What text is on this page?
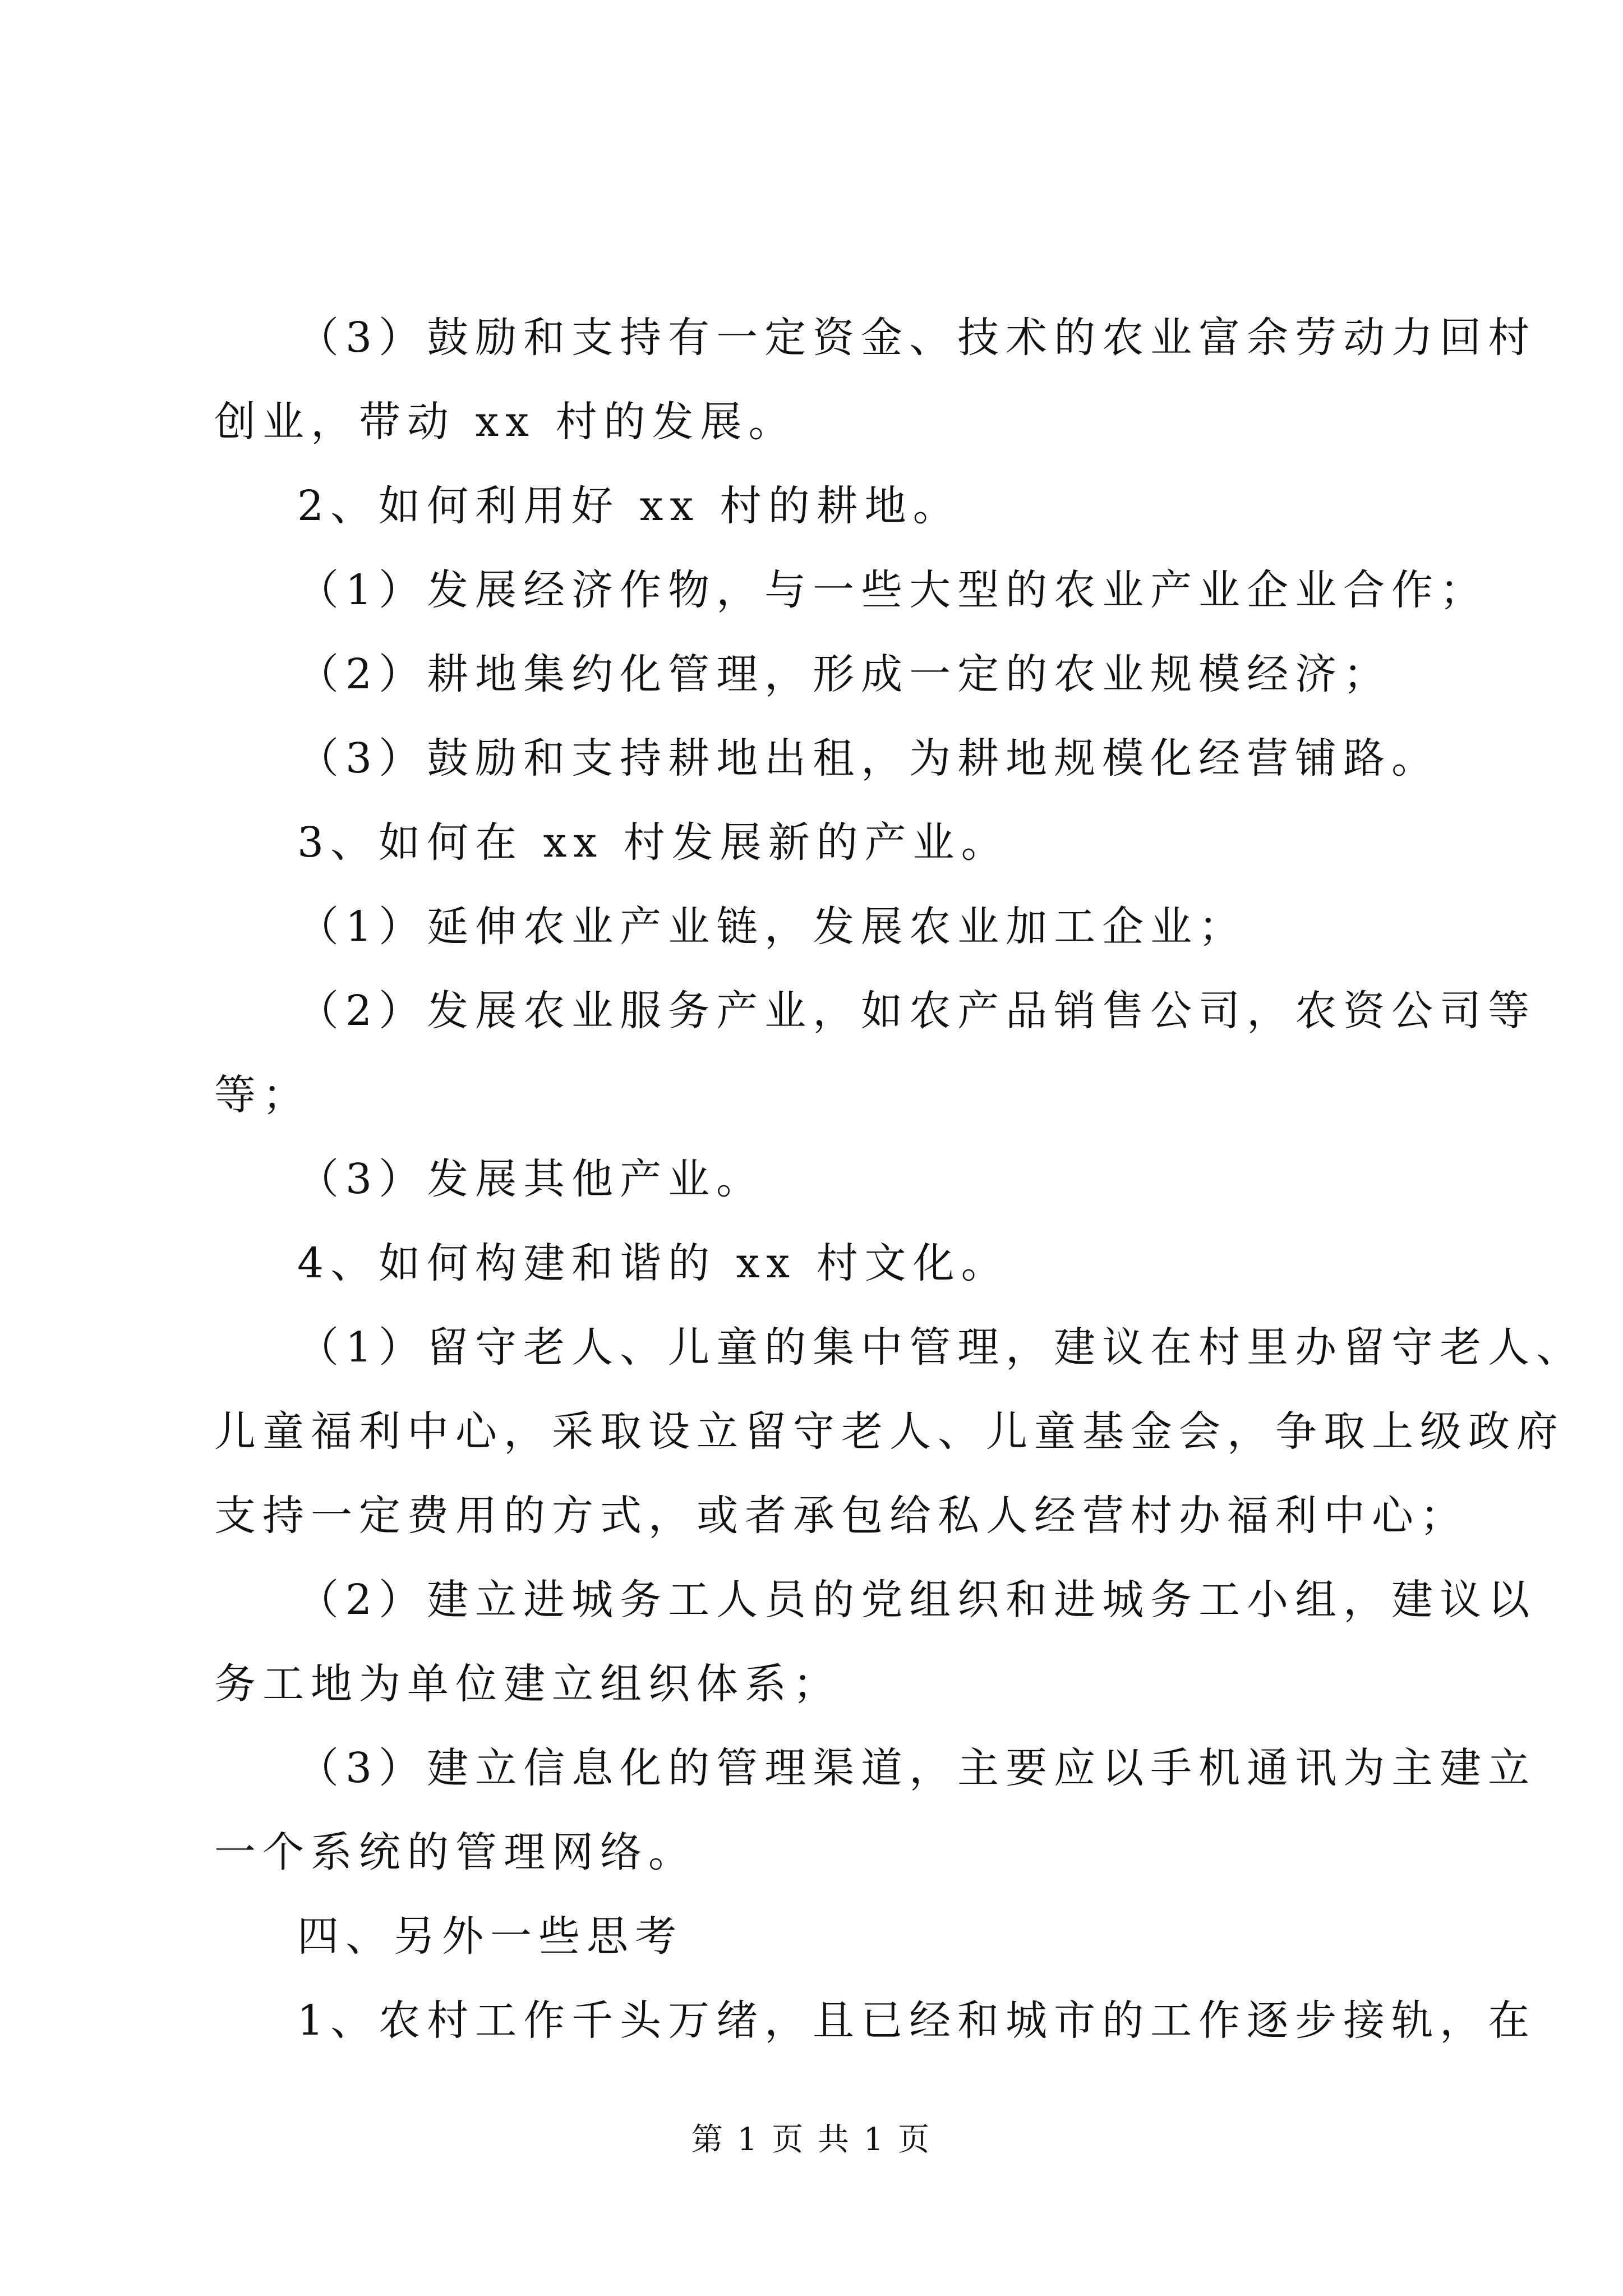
（3）鼓励和支持有一定资金、技术的农业富余劳动力回村
创业，带动 xx 村的发展。

2、如何利用好 xx 村的耕地。

（1）发展经济作物，与一些大型的农业产业企业合作；

（2）耕地集约化管理，形成一定的农业规模经济；

（3）鼓励和支持耕地出租，为耕地规模化经营铺路。

3、如何在 xx 村发展新的产业。

（1）延伸农业产业链，发展农业加工企业；

（2）发展农业服务产业，如农产品销售公司，农资公司等
等；

（3）发展其他产业。

4、如何构建和谐的 xx 村文化。

（1）留守老人、儿童的集中管理，建议在村里办留守老人、
儿童福利中心，采取设立留守老人、儿童基金会，争取上级政府
支持一定费用的方式，或者承包给私人经营村办福利中心；

（2）建立进城务工人员的党组织和进城务工小组，建议以
务工地为单位建立组织体系；

（3）建立信息化的管理渠道，主要应以手机通讯为主建立
一个系统的管理网络。

四、另外一些思考

1、农村工作千头万绪，且已经和城市的工作逐步接轨，在

第 1 页 共 1 页
